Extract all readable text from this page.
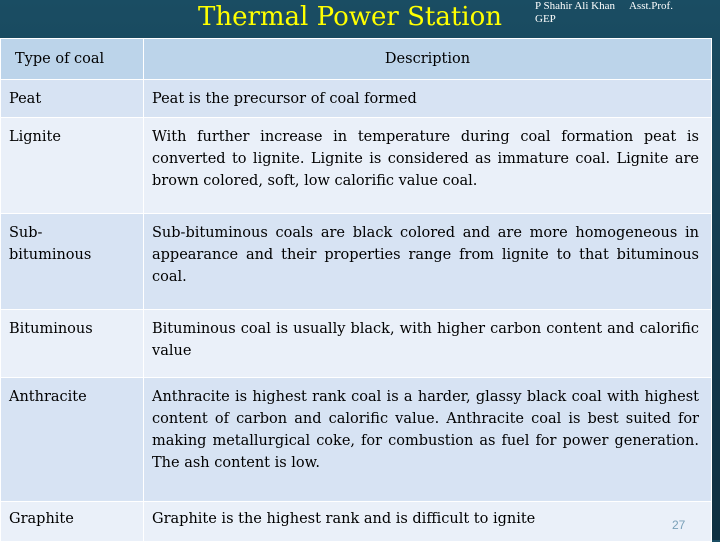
Thermal Power Station	P Shahir Ali Khan Asst.Prof.
GEP
Type of coal	Description

Peat	Peat is the precursor of coal formed

Lignite	With further increase in temperature during coal formation peat is converted to lignite. Lignite is considered as immature coal. Lignite are brown colored, soft, low calorific value coal.

Sub-bituminous	Sub-bituminous coals are black colored and are more homogeneous in appearance and their properties range from lignite to that bituminous coal.

Bituminous	Bituminous coal is usually black, with higher carbon content and calorific value

Anthracite	Anthracite is highest rank coal is a harder, glassy black coal with highest content of carbon and calorific value. Anthracite coal is best suited for making metallurgical coke, for combustion as fuel for power generation. The ash content is low.

Graphite	Graphite is the highest rank and is difficult to ignite	27
